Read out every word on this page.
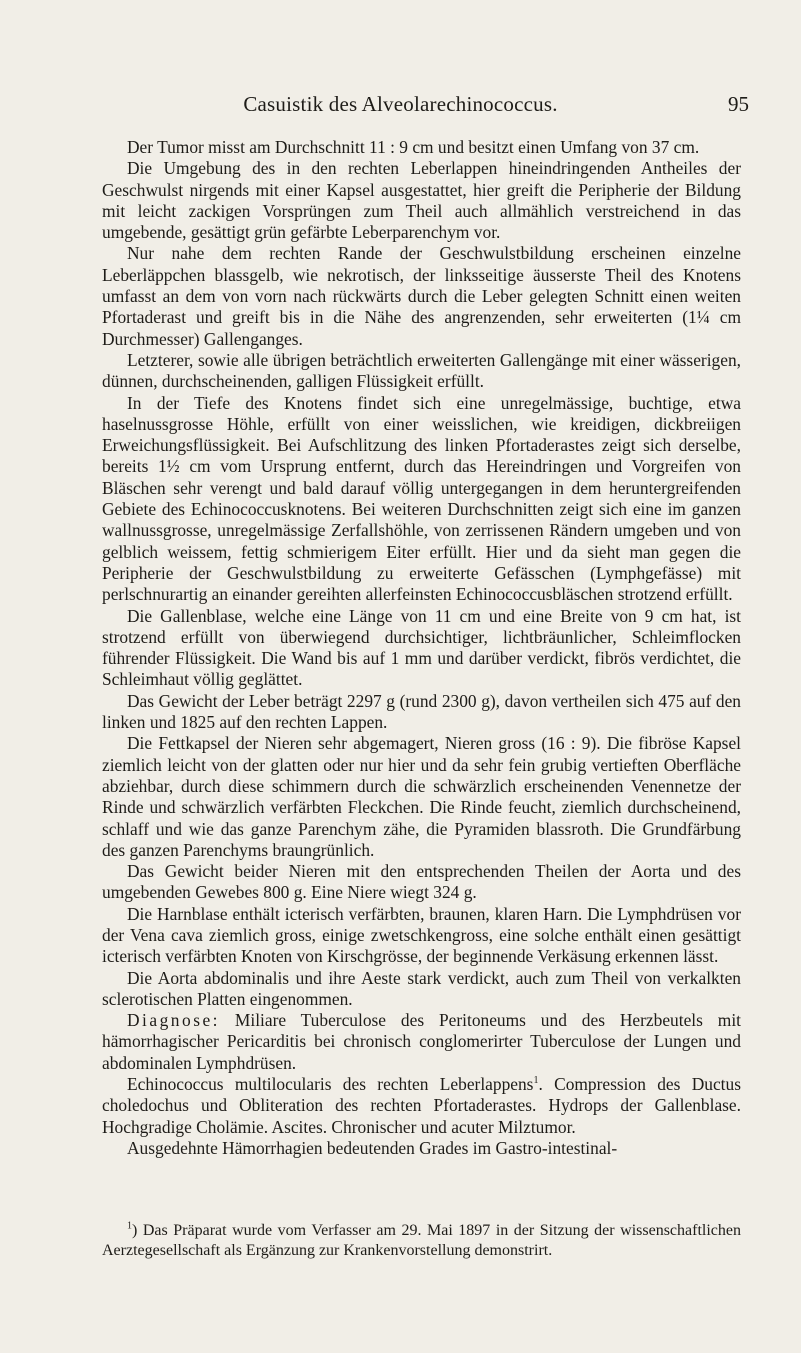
Casuistik des Alveolarechinococcus.	95

Der Tumor misst am Durchschnitt 11 : 9 cm und besitzt einen Umfang von 37 cm.

Die Umgebung des in den rechten Leberlappen hineindringenden Antheiles der Geschwulst nirgends mit einer Kapsel ausgestattet, hier greift die Peripherie der Bildung mit leicht zackigen Vorsprüngen zum Theil auch allmählich verstreichend in das umgebende, gesättigt grün gefärbte Leberparenchym vor.

Nur nahe dem rechten Rande der Geschwulstbildung erscheinen einzelne Leberläppchen blassgelb, wie nekrotisch, der linksseitige äusserste Theil des Knotens umfasst an dem von vorn nach rückwärts durch die Leber gelegten Schnitt einen weiten Pfortaderast und greift bis in die Nähe des angrenzenden, sehr erweiterten (1¼ cm Durchmesser) Gallenganges.

Letzterer, sowie alle übrigen beträchtlich erweiterten Gallengänge mit einer wässerigen, dünnen, durchscheinenden, galligen Flüssigkeit erfüllt.

In der Tiefe des Knotens findet sich eine unregelmässige, buchtige, etwa haselnussgrosse Höhle, erfüllt von einer weisslichen, wie kreidigen, dickbreiigen Erweichungsflüssigkeit. Bei Aufschlitzung des linken Pfortaderastes zeigt sich derselbe, bereits 1½ cm vom Ursprung entfernt, durch das Hereindringen und Vorgreifen von Bläschen sehr verengt und bald darauf völlig untergegangen in dem heruntergreifenden Gebiete des Echinococcusknotens. Bei weiteren Durchschnitten zeigt sich eine im ganzen wallnussgrosse, unregelmässige Zerfallshöhle, von zerrissenen Rändern umgeben und von gelblich weissem, fettig schmierigem Eiter erfüllt. Hier und da sieht man gegen die Peripherie der Geschwulstbildung zu erweiterte Gefässchen (Lymphgefässe) mit perlschnurartig an einander gereihten allerfeinsten Echinococcusbläschen strotzend erfüllt.

Die Gallenblase, welche eine Länge von 11 cm und eine Breite von 9 cm hat, ist strotzend erfüllt von überwiegend durchsichtiger, lichtbräunlicher, Schleimflocken führender Flüssigkeit. Die Wand bis auf 1 mm und darüber verdickt, fibrös verdichtet, die Schleimhaut völlig geglättet.

Das Gewicht der Leber beträgt 2297 g (rund 2300 g), davon vertheilen sich 475 auf den linken und 1825 auf den rechten Lappen.

Die Fettkapsel der Nieren sehr abgemagert, Nieren gross (16 : 9). Die fibröse Kapsel ziemlich leicht von der glatten oder nur hier und da sehr fein grubig vertieften Oberfläche abziehbar, durch diese schimmern durch die schwärzlich erscheinenden Venennetze der Rinde und schwärzlich verfärbten Fleckchen. Die Rinde feucht, ziemlich durchscheinend, schlaff und wie das ganze Parenchym zähe, die Pyramiden blassroth. Die Grundfärbung des ganzen Parenchyms braungrünlich.

Das Gewicht beider Nieren mit den entsprechenden Theilen der Aorta und des umgebenden Gewebes 800 g. Eine Niere wiegt 324 g.

Die Harnblase enthält icterisch verfärbten, braunen, klaren Harn. Die Lymphdrüsen vor der Vena cava ziemlich gross, einige zwetschkengross, eine solche enthält einen gesättigt icterisch verfärbten Knoten von Kirschgrösse, der beginnende Verkäsung erkennen lässt.

Die Aorta abdominalis und ihre Aeste stark verdickt, auch zum Theil von verkalkten sclerotischen Platten eingenommen.

Diagnose: Miliare Tuberculose des Peritoneums und des Herzbeutels mit hämorrhagischer Pericarditis bei chronisch conglomerirter Tuberculose der Lungen und abdominalen Lymphdrüsen.

Echinococcus multilocularis des rechten Leberlappens$^1$. Compression des Ductus choledochus und Obliteration des rechten Pfortaderastes. Hydrops der Gallenblase. Hochgradige Cholämie. Ascites. Chronischer und acuter Milztumor.

Ausgedehnte Hämorrhagien bedeutenden Grades im Gastro-intestinal-

$^1$) Das Präparat wurde vom Verfasser am 29. Mai 1897 in der Sitzung der wissenschaftlichen Aerztegesellschaft als Ergänzung zur Krankenvorstellung demonstrirt.
